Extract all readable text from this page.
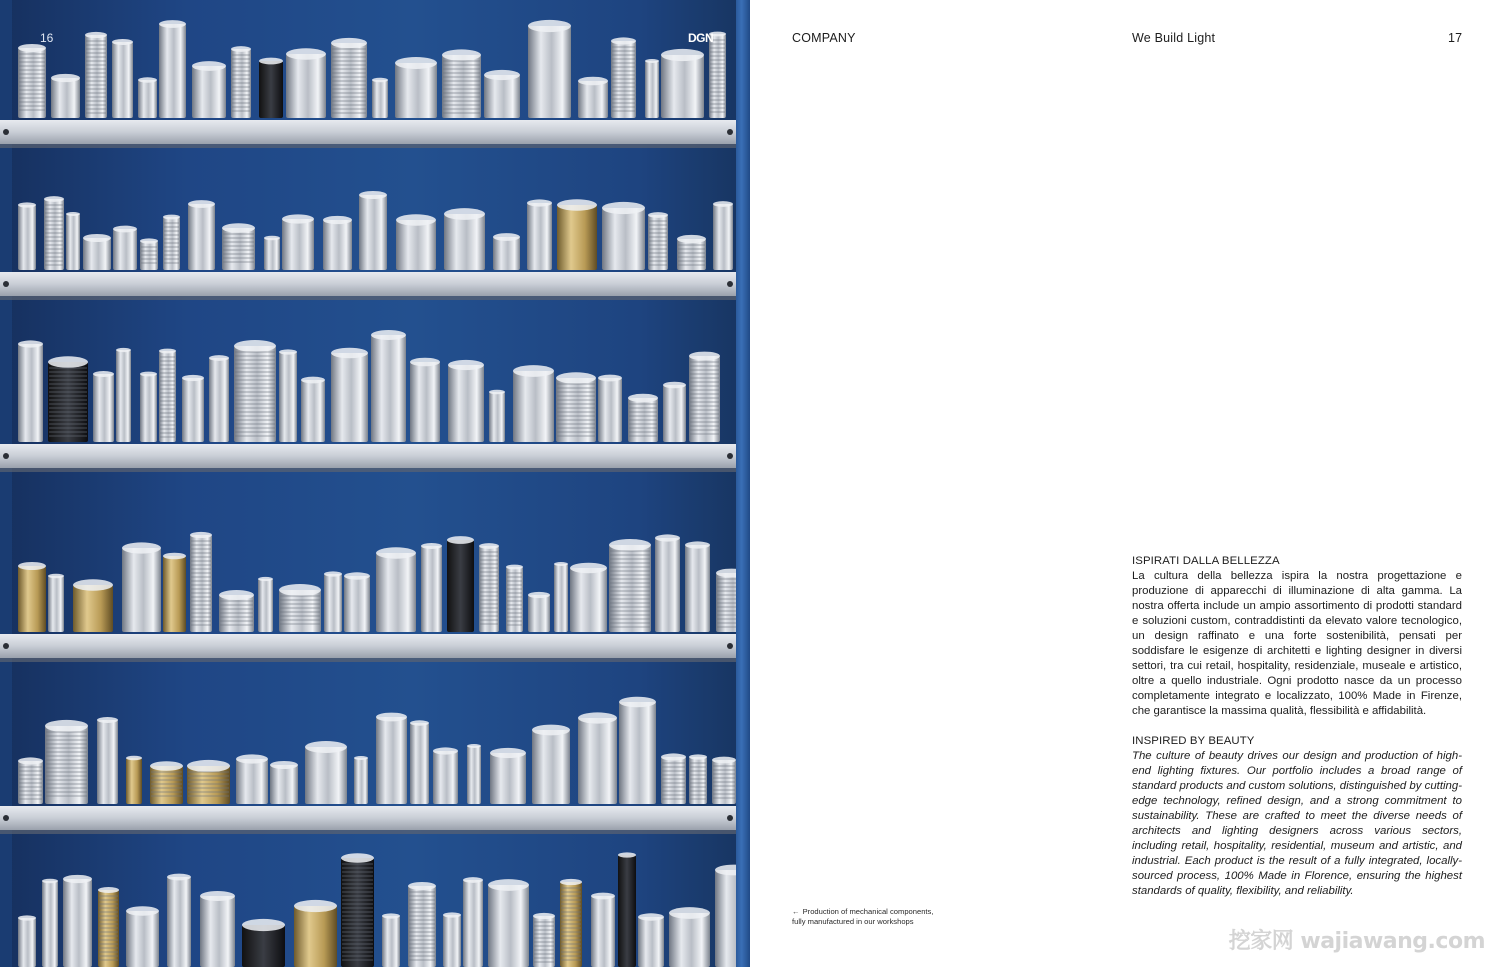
16	DGN	COMPANY	We Build Light	17
ISPIRATI DALLA BELLEZZA

La cultura della bellezza ispira la nostra progettazione e produzione di apparecchi di illuminazione di alta gamma. La nostra offerta include un ampio assortimento di prodotti standard e soluzioni custom, contraddistinti da elevato valore tecnologico, un design raffinato e una forte sostenibilità, pensati per soddisfare le esigenze di architetti e lighting designer in diversi settori, tra cui retail, hospitality, residenziale, museale e artistico, oltre a quello industriale. Ogni prodotto nasce da un processo completamente integrato e localizzato, 100% Made in Firenze, che garantisce la massima qualità, flessibilità e affidabilità.

INSPIRED BY BEAUTY

The culture of beauty drives our design and production of high-end lighting fixtures. Our portfolio includes a broad range of standard products and custom solutions, distinguished by cutting-edge technology, refined design, and a strong commitment to sustainability. These are crafted to meet the diverse needs of architects and lighting designers across various sectors, including retail, hospitality, residential, museum and artistic, and industrial. Each product is the result of a fully integrated, locally-sourced process, 100% Made in Florence, ensuring the highest standards of quality, flexibility, and reliability.

← Production of mechanical components,
fully manufactured in our workshops
挖家网 wajiawang.com
